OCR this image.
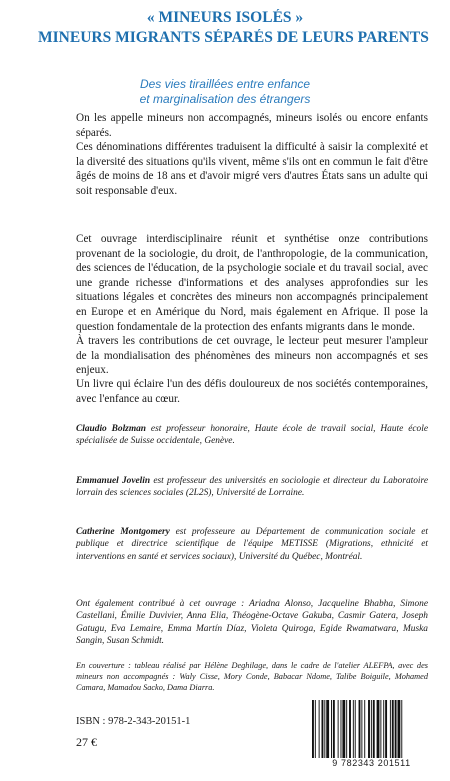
« MINEURS ISOLÉS »
MINEURS MIGRANTS SÉPARÉS DE LEURS PARENTS
Des vies tiraillées entre enfance
et marginalisation des étrangers

On les appelle mineurs non accompagnés, mineurs isolés ou encore enfants séparés.

Ces dénominations différentes traduisent la difficulté à saisir la complexité et la diversité des situations qu'ils vivent, même s'ils ont en commun le fait d'être âgés de moins de 18 ans et d'avoir migré vers d'autres États sans un adulte qui soit responsable d'eux.

Cet ouvrage interdisciplinaire réunit et synthétise onze contributions provenant de la sociologie, du droit, de l'anthropologie, de la communication, des sciences de l'éducation, de la psychologie sociale et du travail social, avec une grande richesse d'informations et des analyses approfondies sur les situations légales et concrètes des mineurs non accompagnés principalement en Europe et en Amérique du Nord, mais également en Afrique. Il pose la question fondamentale de la protection des enfants migrants dans le monde.

À travers les contributions de cet ouvrage, le lecteur peut mesurer l'ampleur de la mondialisation des phénomènes des mineurs non accompagnés et ses enjeux.

Un livre qui éclaire l'un des défis douloureux de nos sociétés contemporaines, avec l'enfance au cœur.

Claudio Bolzman est professeur honoraire, Haute école de travail social, Haute école spécialisée de Suisse occidentale, Genève.
Emmanuel Jovelin est professeur des universités en sociologie et directeur du Laboratoire lorrain des sciences sociales (2L2S), Université de Lorraine.
Catherine Montgomery est professeure au Département de communication sociale et publique et directrice scientifique de l'équipe METISSE (Migrations, ethnicité et interventions en santé et services sociaux), Université du Québec, Montréal.
Ont également contribué à cet ouvrage : Ariadna Alonso, Jacqueline Bhabha, Simone Castellani, Émilie Duvivier, Anna Elia, Théogène-Octave Gakuba, Casmir Gatera, Joseph Gatugu, Eva Lemaire, Emma Martín Díaz, Violeta Quiroga, Egide Rwamatwara, Muska Sangin, Susan Schmidt.
En couverture : tableau réalisé par Hélène Deghilage, dans le cadre de l'atelier ALEFPA, avec des mineurs non accompagnés : Waly Cisse, Mory Conde, Babacar Ndome, Talibe Boiguile, Mohamed Camara, Mamadou Sacko, Dama Diarra.
ISBN : 978-2-343-20151-1
27 €
9 782343 201511
